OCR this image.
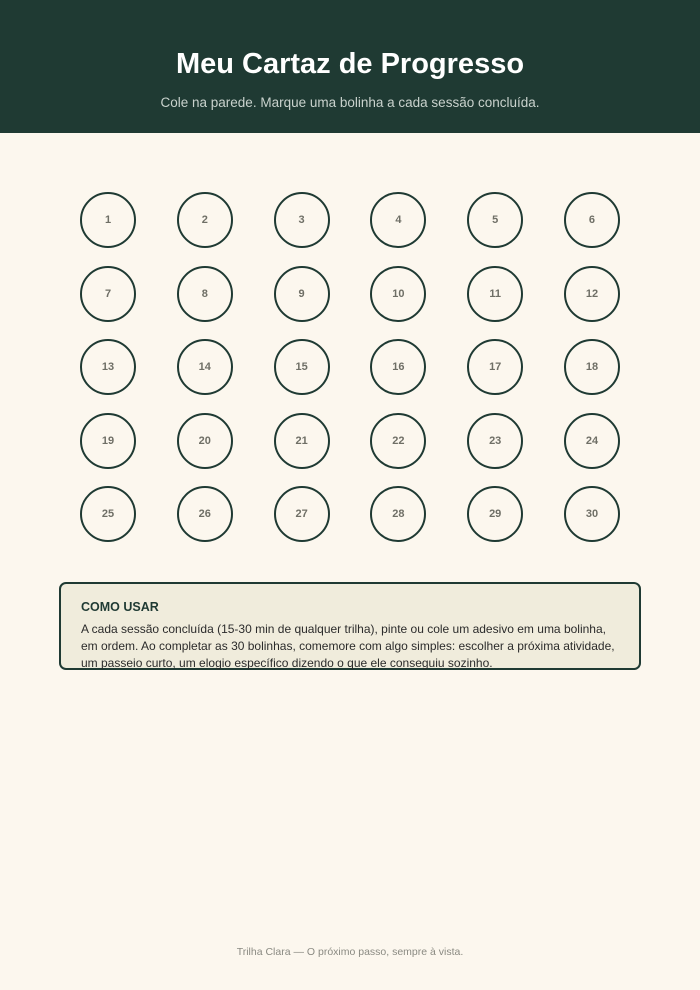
Meu Cartaz de Progresso

Cole na parede. Marque uma bolinha a cada sessão concluída.

1	2	3	4	5	6
7	8	9	10	11	12
13	14	15	16	17	18
19	20	21	22	23	24
25	26	27	28	29	30
COMO USAR

A cada sessão concluída (15-30 min de qualquer trilha), pinte ou cole um adesivo em uma bolinha, em ordem. Ao completar as 30 bolinhas, comemore com algo simples: escolher a próxima atividade, um passeio curto, um elogio específico dizendo o que ele conseguiu sozinho.

Trilha Clara — O próximo passo, sempre à vista.
